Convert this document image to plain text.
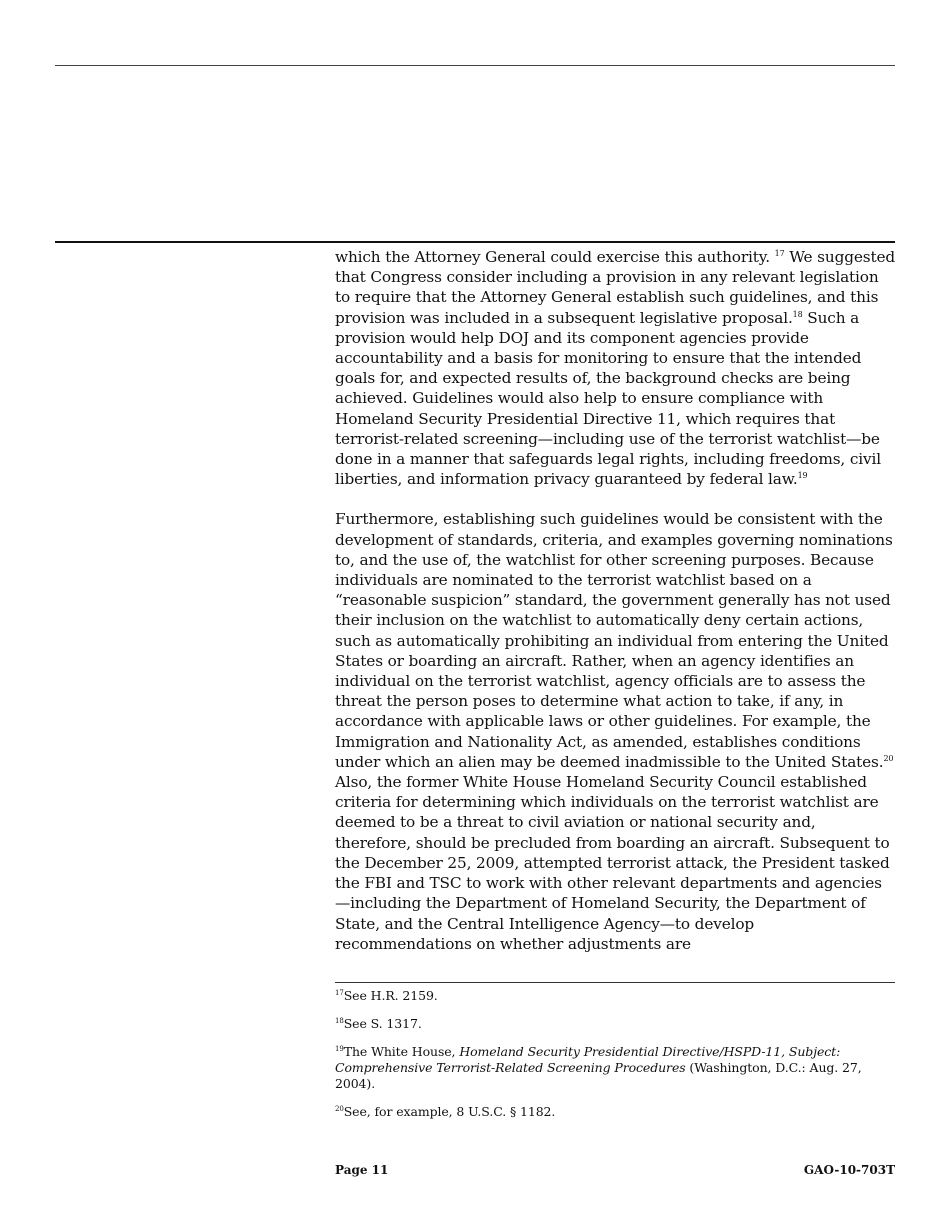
which the Attorney General could exercise this authority. $^{17}$ We suggested that Congress consider including a provision in any relevant legislation to require that the Attorney General establish such guidelines, and this provision was included in a subsequent legislative proposal.$^{18}$ Such a provision would help DOJ and its component agencies provide accountability and a basis for monitoring to ensure that the intended goals for, and expected results of, the background checks are being achieved. Guidelines would also help to ensure compliance with Homeland Security Presidential Directive 11, which requires that terrorist-related screening—including use of the terrorist watchlist—be done in a manner that safeguards legal rights, including freedoms, civil liberties, and information privacy guaranteed by federal law.$^{19}$

Furthermore, establishing such guidelines would be consistent with the development of standards, criteria, and examples governing nominations to, and the use of, the watchlist for other screening purposes. Because individuals are nominated to the terrorist watchlist based on a “reasonable suspicion” standard, the government generally has not used their inclusion on the watchlist to automatically deny certain actions, such as automatically prohibiting an individual from entering the United States or boarding an aircraft. Rather, when an agency identifies an individual on the terrorist watchlist, agency officials are to assess the threat the person poses to determine what action to take, if any, in accordance with applicable laws or other guidelines. For example, the Immigration and Nationality Act, as amended, establishes conditions under which an alien may be deemed inadmissible to the United States.$^{20}$ Also, the former White House Homeland Security Council established criteria for determining which individuals on the terrorist watchlist are deemed to be a threat to civil aviation or national security and, therefore, should be precluded from boarding an aircraft. Subsequent to the December 25, 2009, attempted terrorist attack, the President tasked the FBI and TSC to work with other relevant departments and agencies—including the Department of Homeland Security, the Department of State, and the Central Intelligence Agency—to develop recommendations on whether adjustments are

$^{17}$See H.R. 2159.

$^{18}$See S. 1317.

$^{19}$The White House, Homeland Security Presidential Directive/HSPD-11, Subject: Comprehensive Terrorist-Related Screening Procedures (Washington, D.C.: Aug. 27, 2004).

$^{20}$See, for example, 8 U.S.C. § 1182.

Page 11	GAO-10-703T
